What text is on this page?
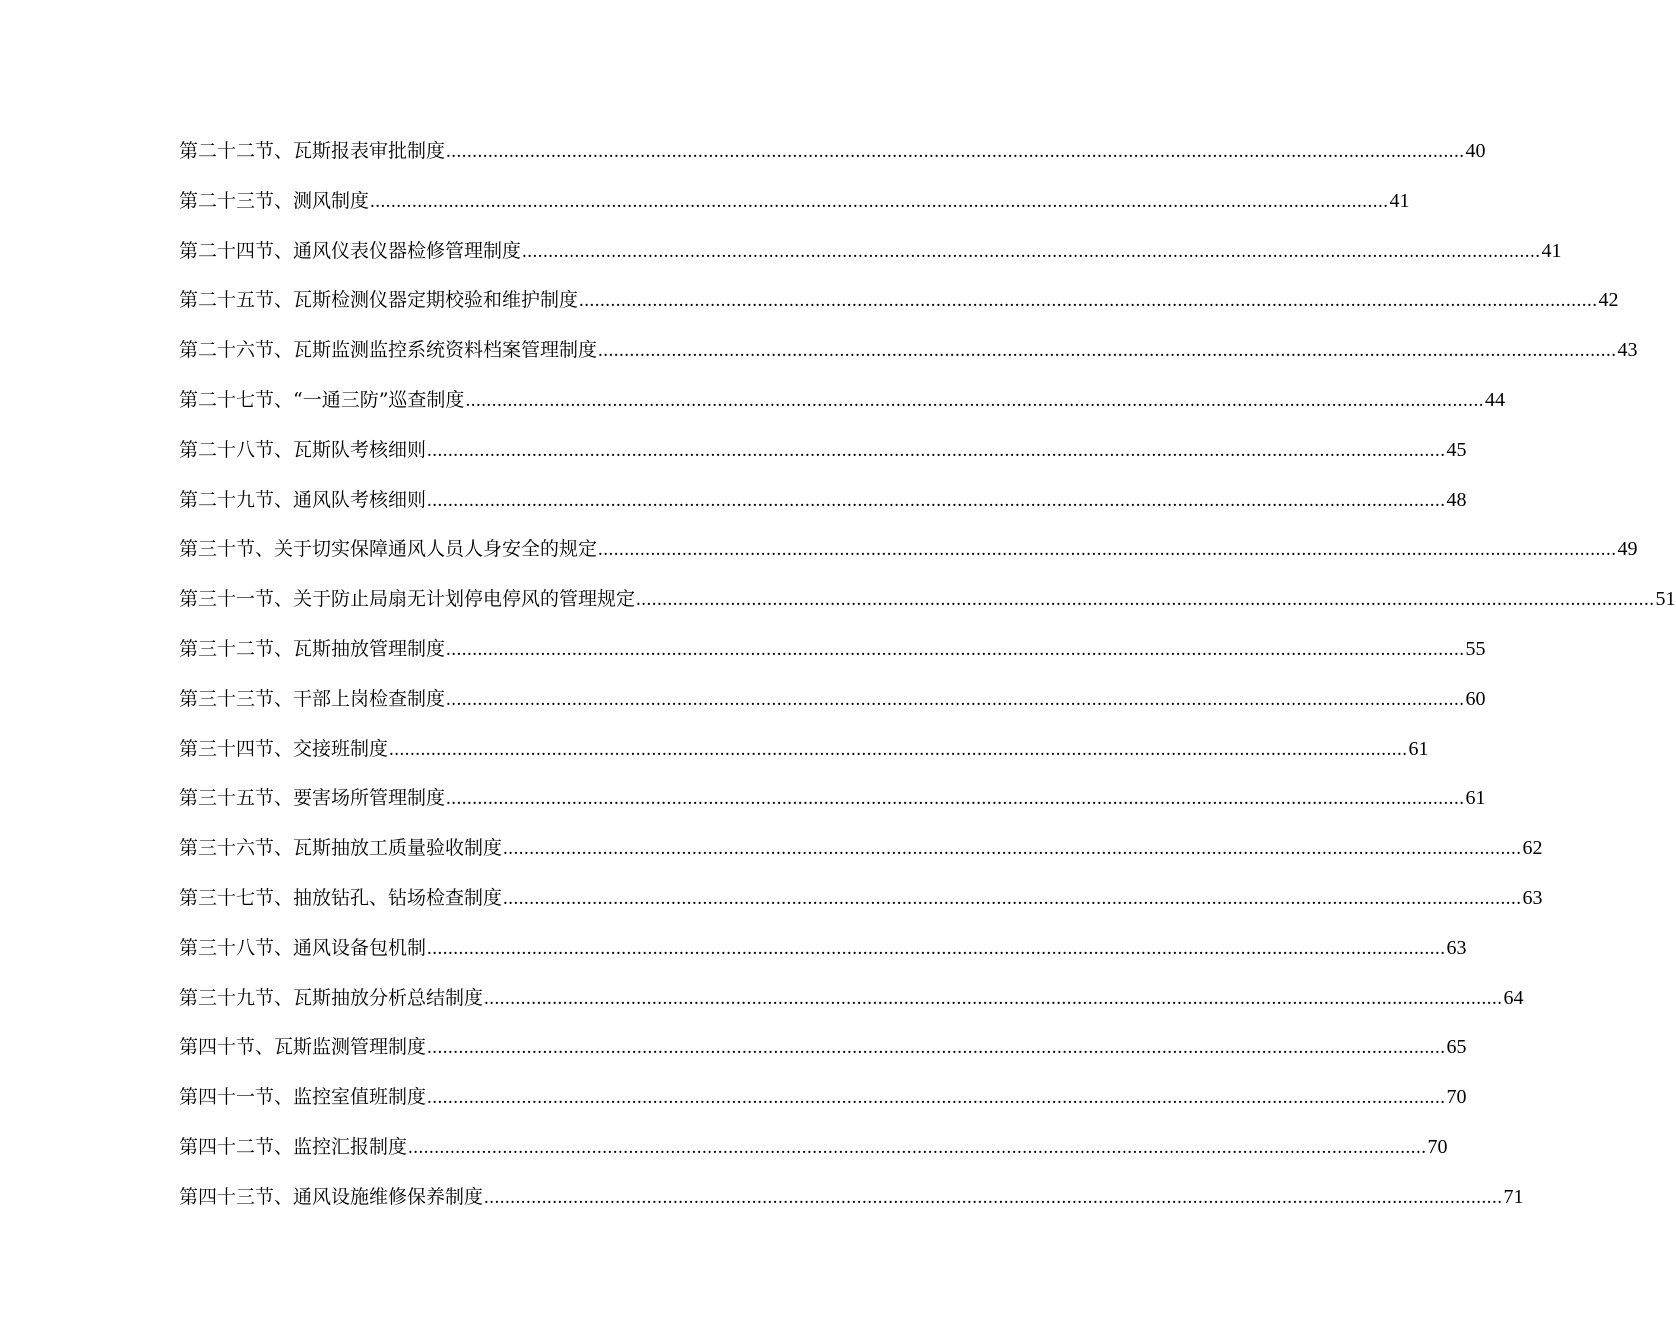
第二十二节、瓦斯报表审批制度 .................................................................................................................................................................................................. 40
第二十三节、测风制度 .................................................................................................................................................................................................. 41
第二十四节、通风仪表仪器检修管理制度 .................................................................................................................................................................................................. 41
第二十五节、瓦斯检测仪器定期校验和维护制度 .................................................................................................................................................................................................. 42
第二十六节、瓦斯监测监控系统资料档案管理制度 .................................................................................................................................................................................................. 43
第二十七节、“一通三防”巡查制度 .................................................................................................................................................................................................. 44
第二十八节、瓦斯队考核细则 .................................................................................................................................................................................................. 45
第二十九节、通风队考核细则 .................................................................................................................................................................................................. 48
第三十节、关于切实保障通风人员人身安全的规定 .................................................................................................................................................................................................. 49
第三十一节、关于防止局扇无计划停电停风的管理规定 .................................................................................................................................................................................................. 51
第三十二节、瓦斯抽放管理制度 .................................................................................................................................................................................................. 55
第三十三节、干部上岗检查制度 .................................................................................................................................................................................................. 60
第三十四节、交接班制度 .................................................................................................................................................................................................. 61
第三十五节、要害场所管理制度 .................................................................................................................................................................................................. 61
第三十六节、瓦斯抽放工质量验收制度 .................................................................................................................................................................................................. 62
第三十七节、抽放钻孔、钻场检查制度 .................................................................................................................................................................................................. 63
第三十八节、通风设备包机制 .................................................................................................................................................................................................. 63
第三十九节、瓦斯抽放分析总结制度 .................................................................................................................................................................................................. 64
第四十节、瓦斯监测管理制度 .................................................................................................................................................................................................. 65
第四十一节、监控室值班制度 .................................................................................................................................................................................................. 70
第四十二节、监控汇报制度 .................................................................................................................................................................................................. 70
第四十三节、通风设施维修保养制度 .................................................................................................................................................................................................. 71
